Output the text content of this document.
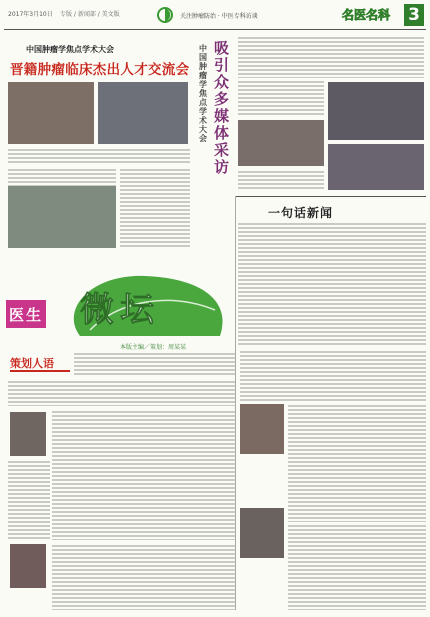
2017年3月10日 专版 / 新闻部 / 美文版	关注肿瘤防治 · 中医专科访谈	名医名科 3
中国肿瘤学焦点学术大会
晋籍肿瘤临床杰出人才交流会
中国肿瘤学焦点学术大会
吸引众多媒体采访
一句话新闻
医生 微坛
本版主编／策划：周某某
策划人语
